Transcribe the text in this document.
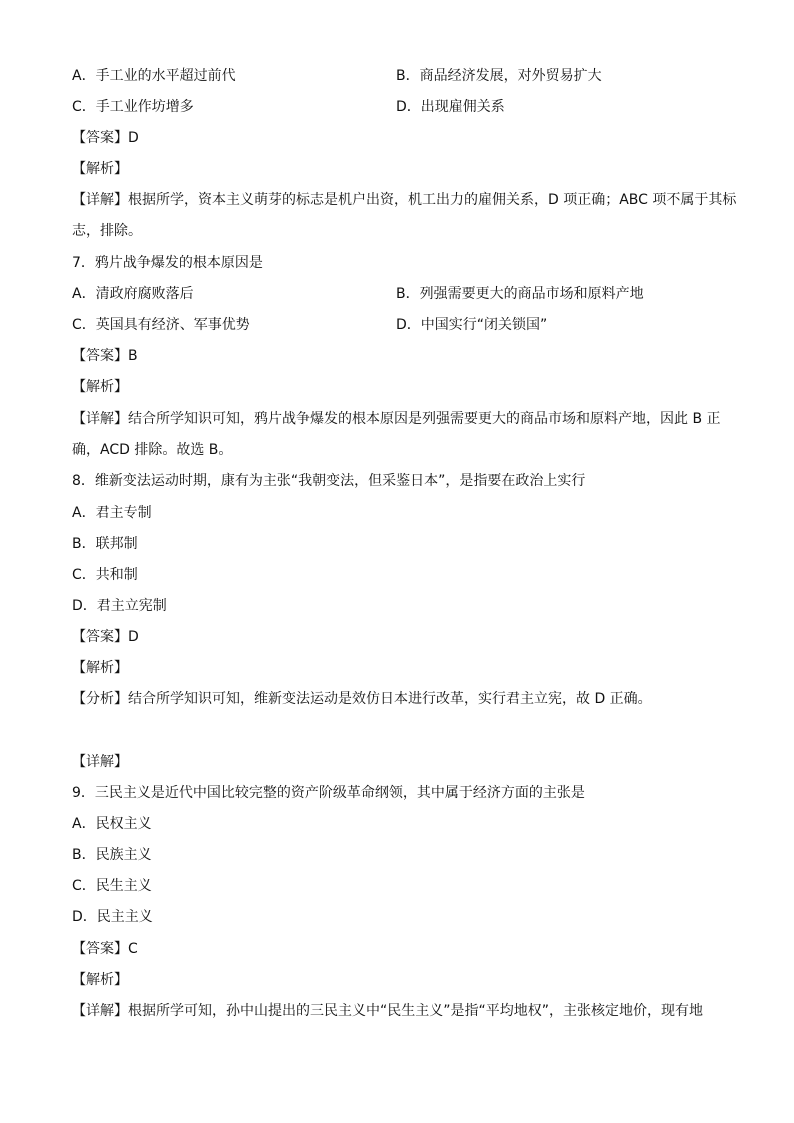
A．手工业的水平超过前代	B．商品经济发展，对外贸易扩大
C．手工业作坊增多	D．出现雇佣关系
【答案】D
【解析】
【详解】根据所学，资本主义萌芽的标志是机户出资，机工出力的雇佣关系，D 项正确；ABC 项不属于其标
志，排除。
7．鸦片战争爆发的根本原因是
A．清政府腐败落后	B．列强需要更大的商品市场和原料产地
C．英国具有经济、军事优势	D．中国实行“闭关锁国”
【答案】B
【解析】
【详解】结合所学知识可知，鸦片战争爆发的根本原因是列强需要更大的商品市场和原料产地，因此 B 正
确，ACD 排除。故选 B。
8．维新变法运动时期，康有为主张“我朝变法，但采鉴日本”，是指要在政治上实行
A．君主专制
B．联邦制
C．共和制
D．君主立宪制
【答案】D
【解析】
【分析】结合所学知识可知，维新变法运动是效仿日本进行改革，实行君主立宪，故 D 正确。
【详解】
9．三民主义是近代中国比较完整的资产阶级革命纲领，其中属于经济方面的主张是
A．民权主义
B．民族主义
C．民生主义
D．民主主义
【答案】C
【解析】
【详解】根据所学可知，孙中山提出的三民主义中“民生主义”是指“平均地权”，主张核定地价，现有地
